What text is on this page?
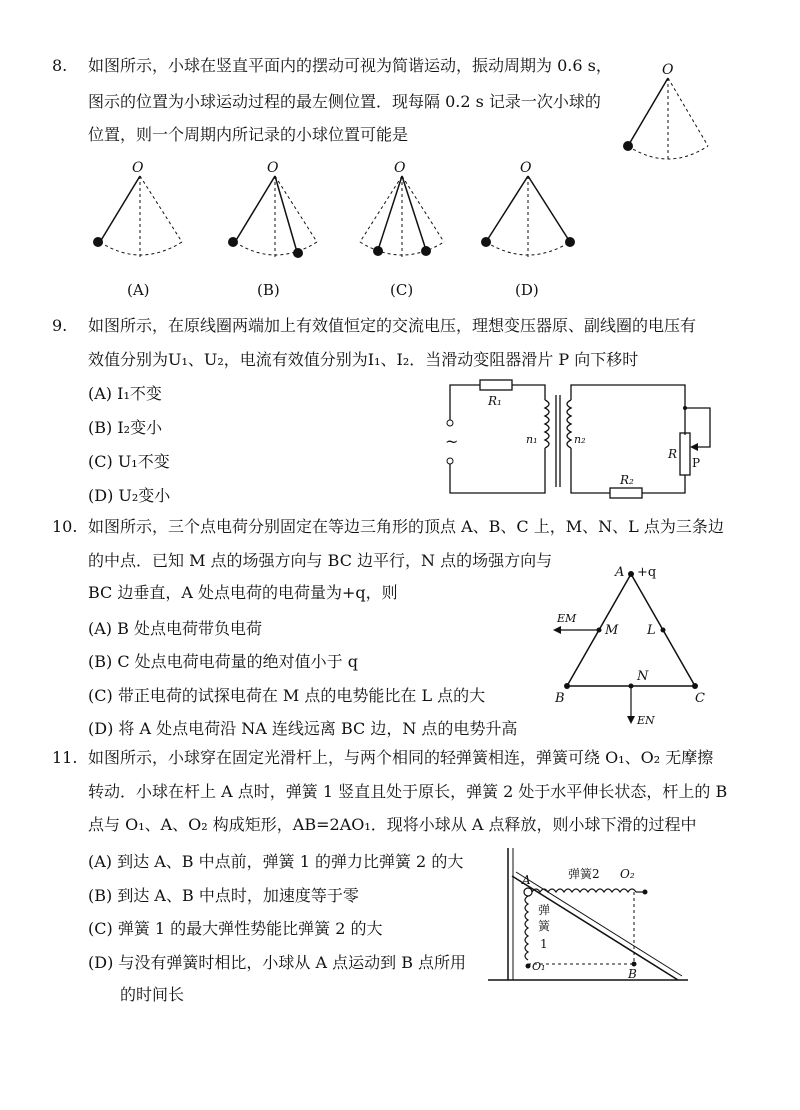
8. 如图所示，小球在竖直平面内的摆动可视为简谐运动，振动周期为 0.6 s，
图示的位置为小球运动过程的最左侧位置．现每隔 0.2 s 记录一次小球的
位置，则一个周期内所记录的小球位置可能是
O
O	O	O	O
(A)	(B)	(C)	(D)
9. 如图所示，在原线圈两端加上有效值恒定的交流电压，理想变压器原、副线圈的电压有
效值分别为U₁、U₂，电流有效值分别为I₁、I₂．当滑动变阻器滑片 P 向下移时
(A) I₁不变
(B) I₂变小
(C) U₁不变
(D) U₂变小
R₁
~	n₁	n₂
R₂
R
P
10. 如图所示，三个点电荷分别固定在等边三角形的顶点 A、B、C 上，M、N、L 点为三条边
的中点．已知 M 点的场强方向与 BC 边平行，N 点的场强方向与
BC 边垂直，A 处点电荷的电荷量为+q，则
(A) B 处点电荷带负电荷
(B) C 处点电荷电荷量的绝对值小于 q
(C) 带正电荷的试探电荷在 M 点的电势能比在 L 点的大
(D) 将 A 处点电荷沿 NA 连线远离 BC 边，N 点的电势升高
A +q
B	C
EM
M L
N
EN
11. 如图所示，小球穿在固定光滑杆上，与两个相同的轻弹簧相连，弹簧可绕 O₁、O₂ 无摩擦
转动．小球在杆上 A 点时，弹簧 1 竖直且处于原长，弹簧 2 处于水平伸长状态，杆上的 B
点与 O₁、A、O₂ 构成矩形，AB=2AO₁．现将小球从 A 点释放，则小球下滑的过程中
(A) 到达 A、B 中点前，弹簧 1 的弹力比弹簧 2 的大
(B) 到达 A、B 中点时，加速度等于零
(C) 弹簧 1 的最大弹性势能比弹簧 2 的大
(D) 与没有弹簧时相比，小球从 A 点运动到 B 点所用
的时间长
弹簧2 O₂
A
弹
簧
1
O₁
B
